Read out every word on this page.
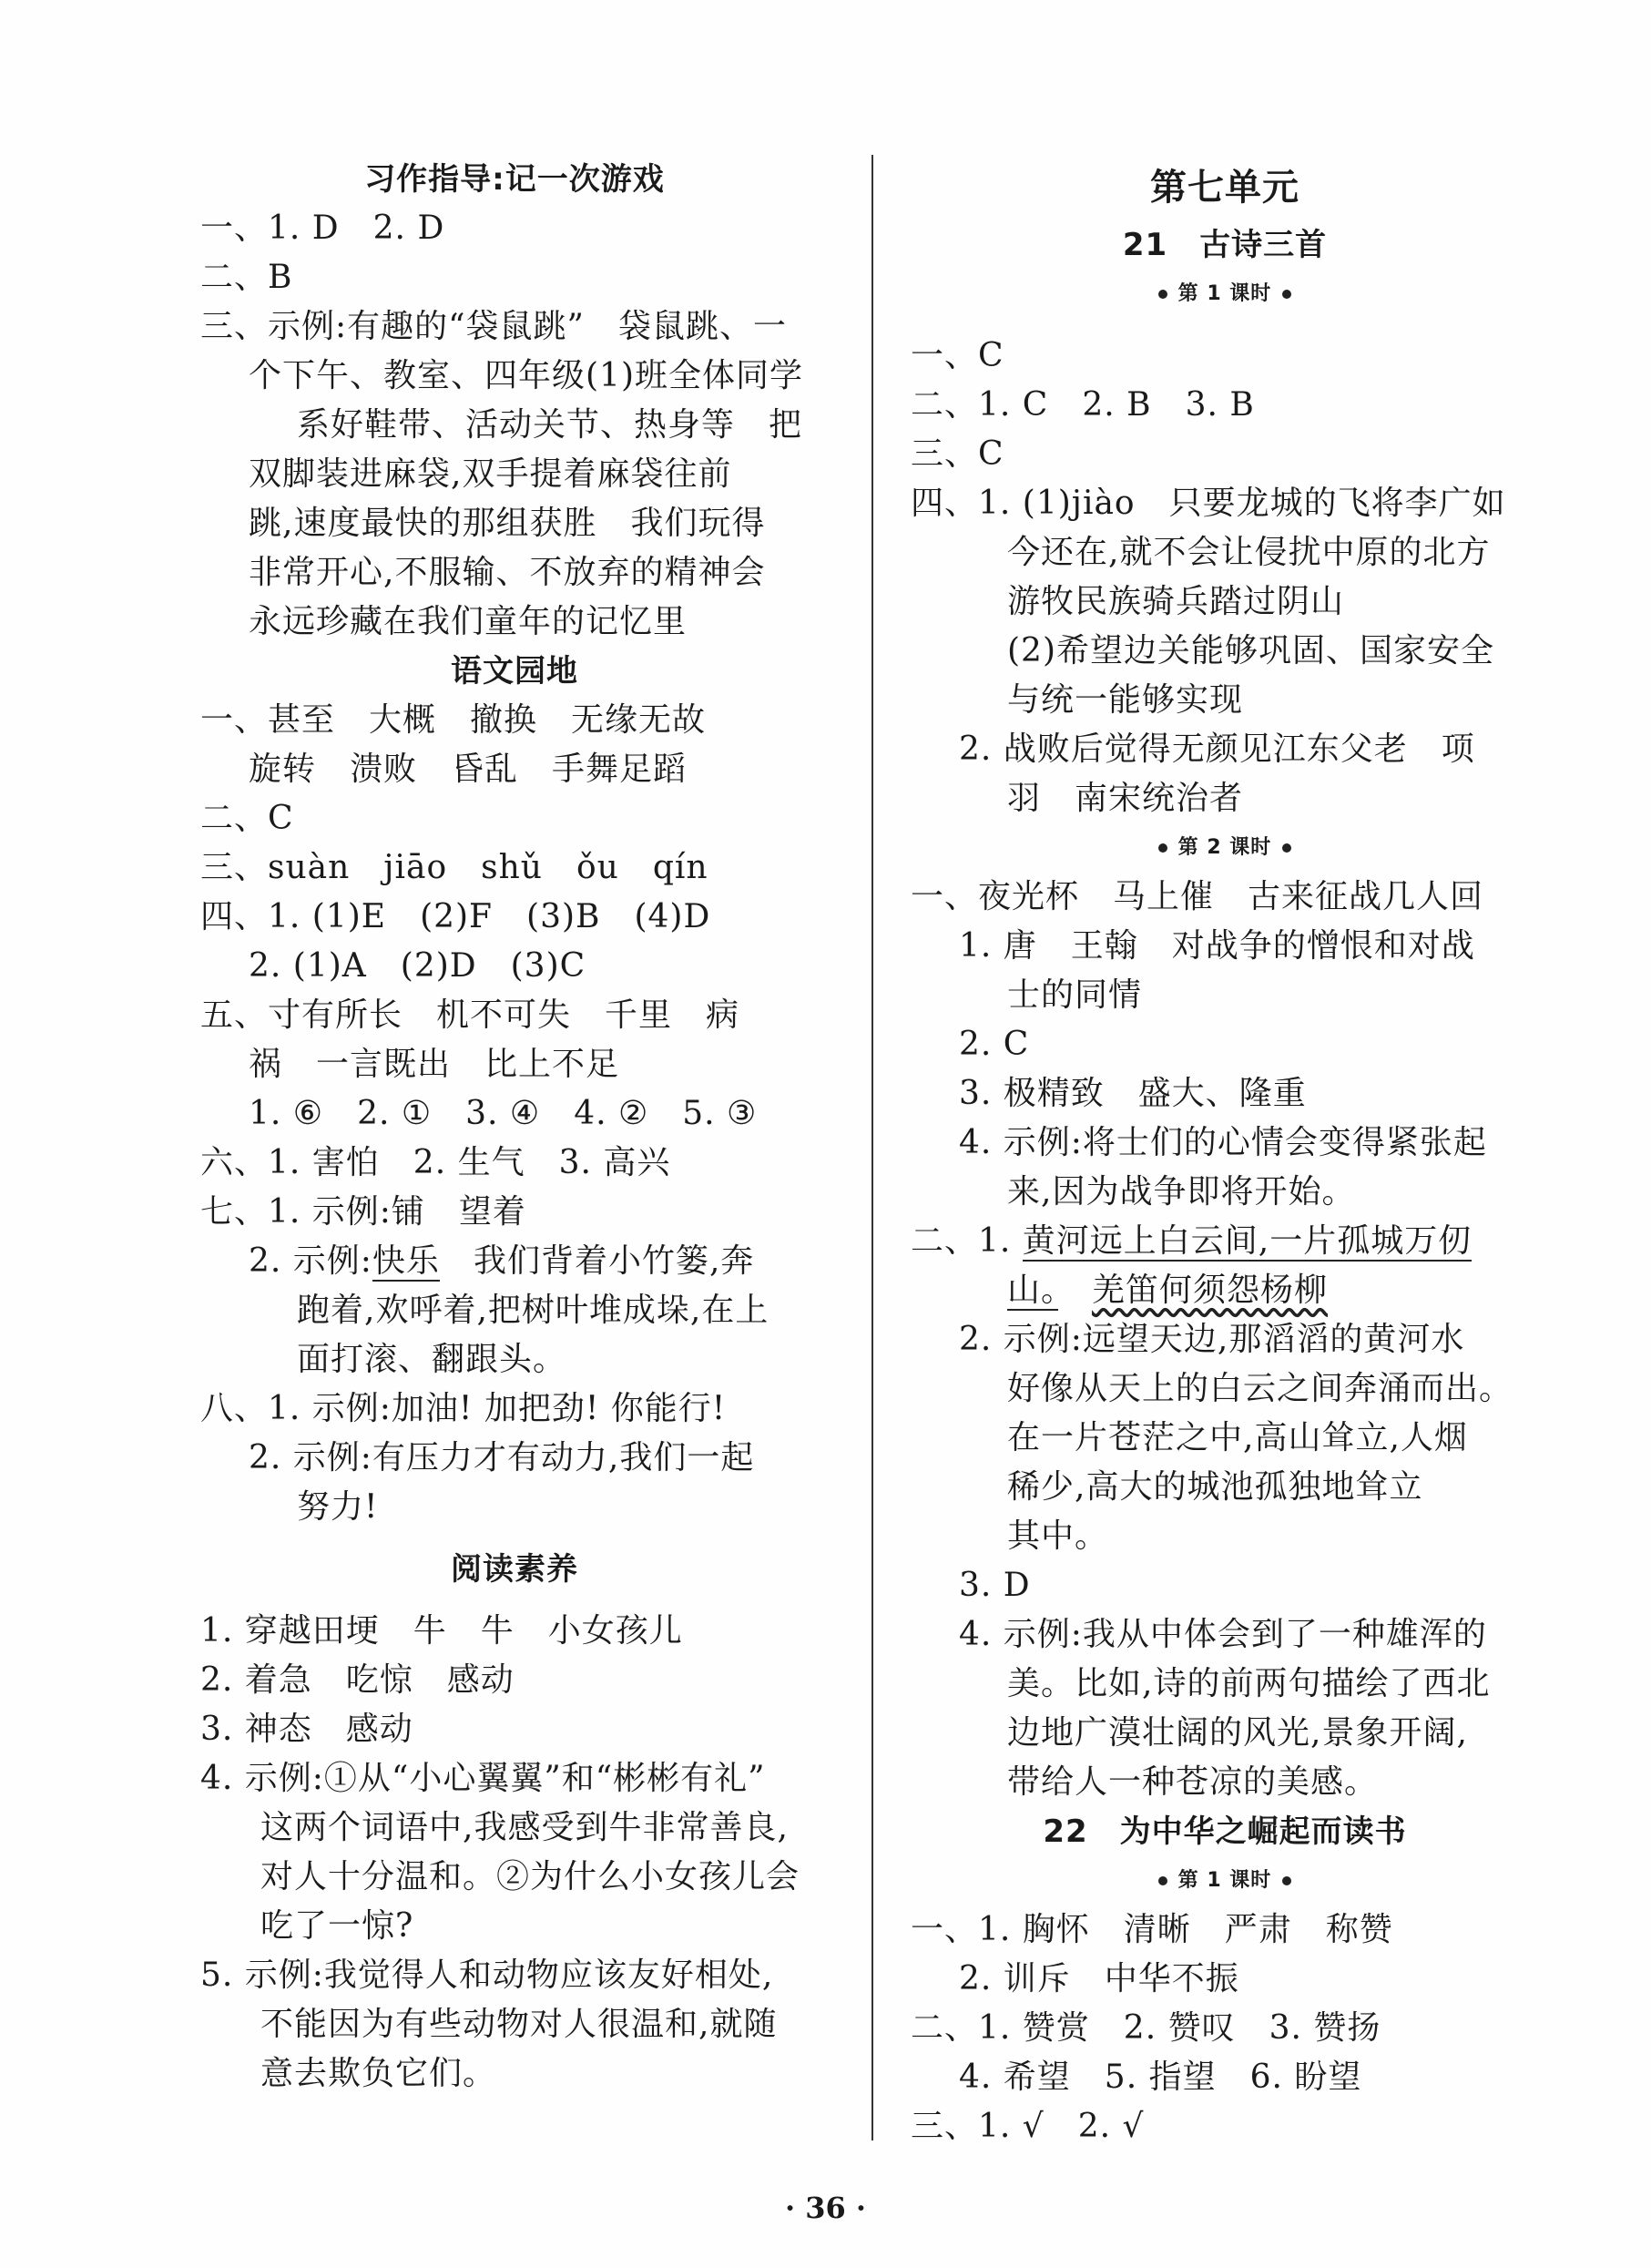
习作指导:记一次游戏
一、1. D　2. D
二、B
三、示例:有趣的“袋鼠跳”　袋鼠跳、一
个下午、教室、四年级(1)班全体同学
系好鞋带、活动关节、热身等　把
双脚装进麻袋,双手提着麻袋往前
跳,速度最快的那组获胜　我们玩得
非常开心,不服输、不放弃的精神会
永远珍藏在我们童年的记忆里
语文园地
一、甚至　大概　撤换　无缘无故
旋转　溃败　昏乱　手舞足蹈
二、C
三、suàn　jiāo　shǔ　ǒu　qín
四、1. (1)E　(2)F　(3)B　(4)D
2. (1)A　(2)D　(3)C
五、寸有所长　机不可失　千里　病
祸　一言既出　比上不足
1. ⑥　2. ①　3. ④　4. ②　5. ③
六、1. 害怕　2. 生气　3. 高兴
七、1. 示例:铺　望着
2. 示例:快乐　我们背着小竹篓,奔
跑着,欢呼着,把树叶堆成垛,在上
面打滚、翻跟头。
八、1. 示例:加油! 加把劲! 你能行!
2. 示例:有压力才有动力,我们一起
努力!
阅读素养
1. 穿越田埂　牛　牛　小女孩儿
2. 着急　吃惊　感动
3. 神态　感动
4. 示例:①从“小心翼翼”和“彬彬有礼”
这两个词语中,我感受到牛非常善良,
对人十分温和。②为什么小女孩儿会
吃了一惊?
5. 示例:我觉得人和动物应该友好相处,
不能因为有些动物对人很温和,就随
意去欺负它们。
第七单元
21　古诗三首
第 1 课时
一、C
二、1. C　2. B　3. B
三、C
四、1. (1)jiào　只要龙城的飞将李广如
今还在,就不会让侵扰中原的北方
游牧民族骑兵踏过阴山
(2)希望边关能够巩固、国家安全
与统一能够实现
2. 战败后觉得无颜见江东父老　项
羽　南宋统治者
第 2 课时
一、夜光杯　马上催　古来征战几人回
1. 唐　王翰　对战争的憎恨和对战
士的同情
2. C
3. 极精致　盛大、隆重
4. 示例:将士们的心情会变得紧张起
来,因为战争即将开始。
二、1. 黄河远上白云间,一片孤城万仞
山。　 羌笛何须怨杨柳
2. 示例:远望天边,那滔滔的黄河水
好像从天上的白云之间奔涌而出。
在一片苍茫之中,高山耸立,人烟
稀少,高大的城池孤独地耸立
其中。
3. D
4. 示例:我从中体会到了一种雄浑的
美。比如,诗的前两句描绘了西北
边地广漠壮阔的风光,景象开阔,
带给人一种苍凉的美感。
22　为中华之崛起而读书
第 1 课时
一、1. 胸怀　清晰　严肃　称赞
2. 训斥　中华不振
二、1. 赞赏　2. 赞叹　3. 赞扬
4. 希望　5. 指望　6. 盼望
三、1. √　2. √
· 36 ·
